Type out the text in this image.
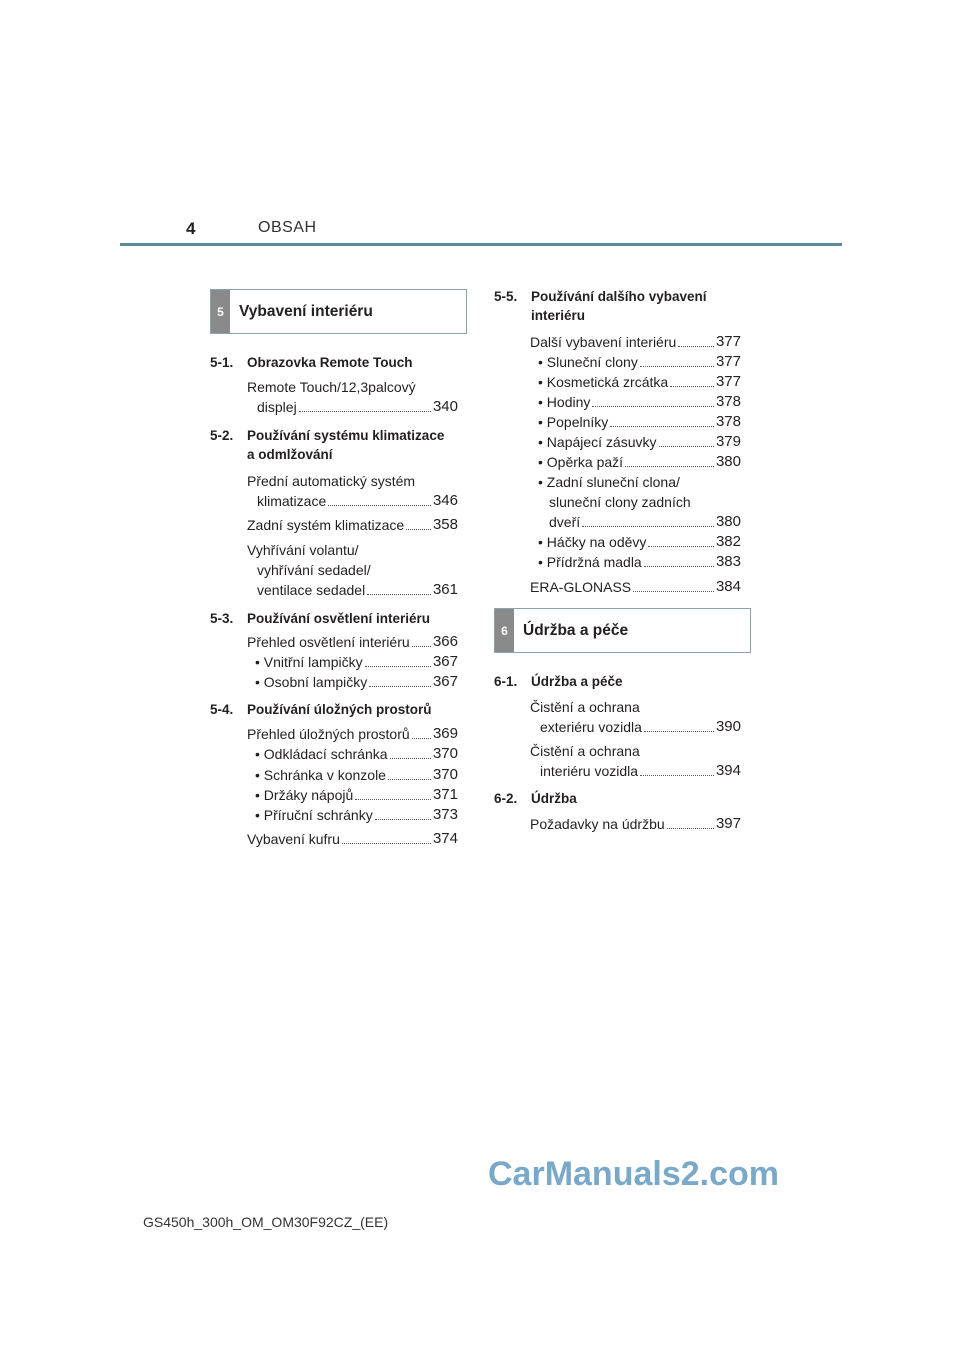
4	OBSAH
5 Vybavení interiéru
5-1. Obrazovka Remote Touch
Remote Touch/12,3palcový
displej	340
5-2. Používání systému klimatizace a odmlžování
Přední automatický systém
klimatizace	346
Zadní systém klimatizace 358
Vyhřívání volantu/
vyhřívání sedadel/
ventilace sedadel	361
5-3. Používání osvětlení interiéru
Přehled osvětlení interiéru 366
• Vnitřní lampičky	367
• Osobní lampičky	367
5-4. Používání úložných prostorů
Přehled úložných prostorů 369
• Odkládací schránka	370
• Schránka v konzole	370
• Držáky nápojů	371
• Příruční schránky	373
Vybavení kufru	374
5-5. Používání dalšího vybavení interiéru
Další vybavení interiéru	377
• Sluneční clony	377
• Kosmetická zrcátka	377
• Hodiny	378
• Popelníky	378
• Napájecí zásuvky	379
• Opěrka paží	380
• Zadní sluneční clona/
sluneční clony zadních
dveří	380
• Háčky na oděvy	382
• Přídržná madla	383
ERA-GLONASS	384
6 Údržba a péče
6-1. Údržba a péče
Čistění a ochrana
exteriéru vozidla	390
Čistění a ochrana
interiéru vozidla	394
6-2. Údržba
Požadavky na údržbu	397
CarManuals2.com
GS450h_300h_OM_OM30F92CZ_(EE)
